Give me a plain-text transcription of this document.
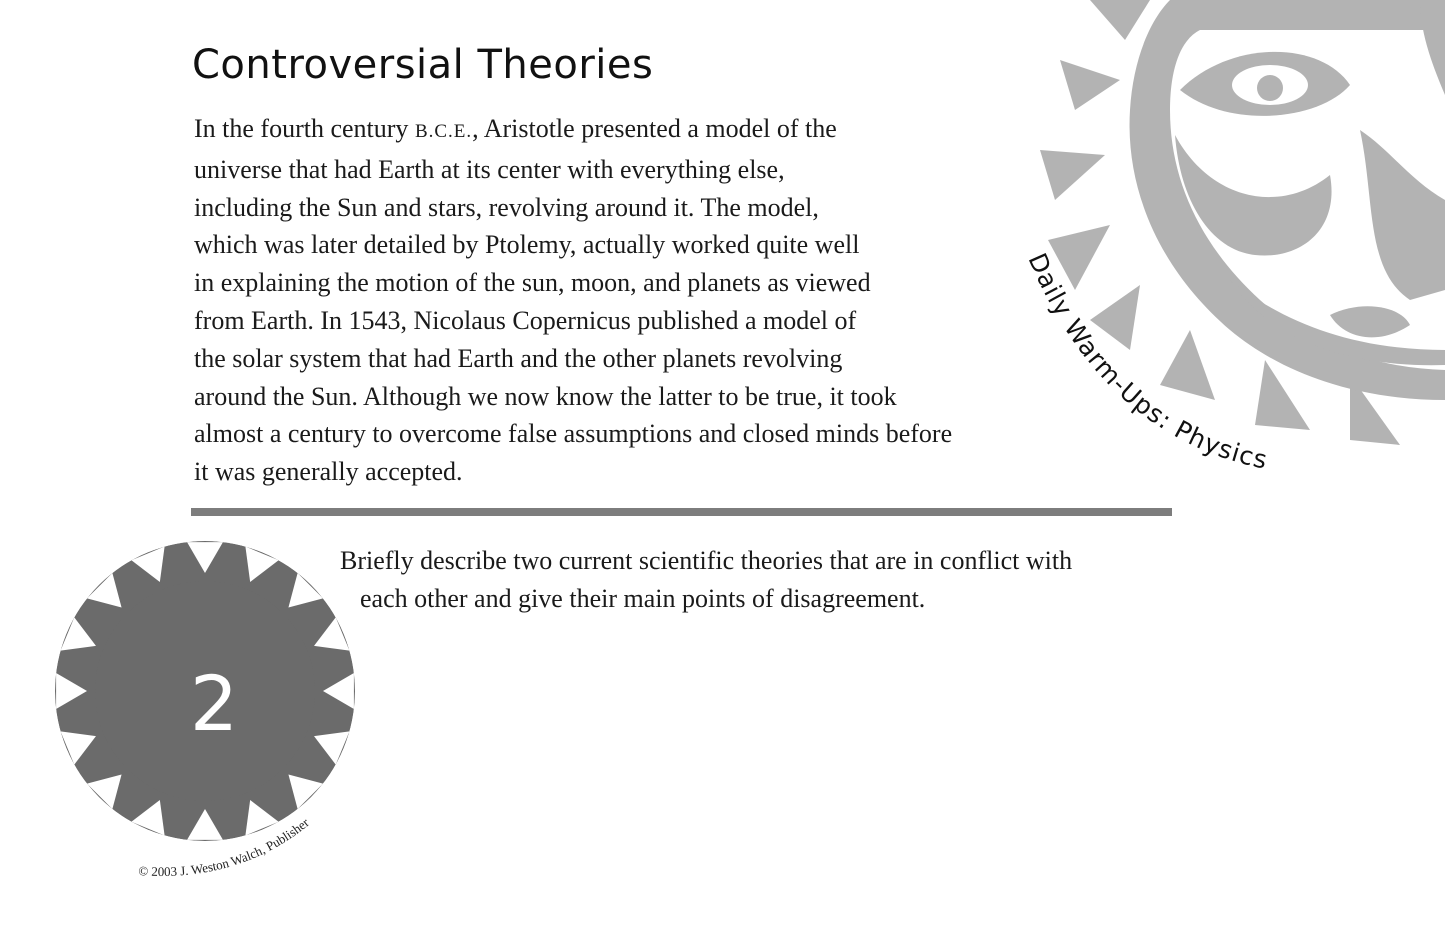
Controversial Theories

In the fourth century B.C.E., Aristotle presented a model of the
universe that had Earth at its center with everything else,
including the Sun and stars, revolving around it. The model,
which was later detailed by Ptolemy, actually worked quite well
in explaining the motion of the sun, moon, and planets as viewed
from Earth. In 1543, Nicolaus Copernicus published a model of
the solar system that had Earth and the other planets revolving
around the Sun. Although we now know the latter to be true, it took
almost a century to overcome false assumptions and closed minds before
it was generally accepted.

Briefly describe two current scientific theories that are in conflict with
each other and give their main points of disagreement.

Daily Warm-Ups: Physics
2
© 2003 J. Weston Walch, Publisher
